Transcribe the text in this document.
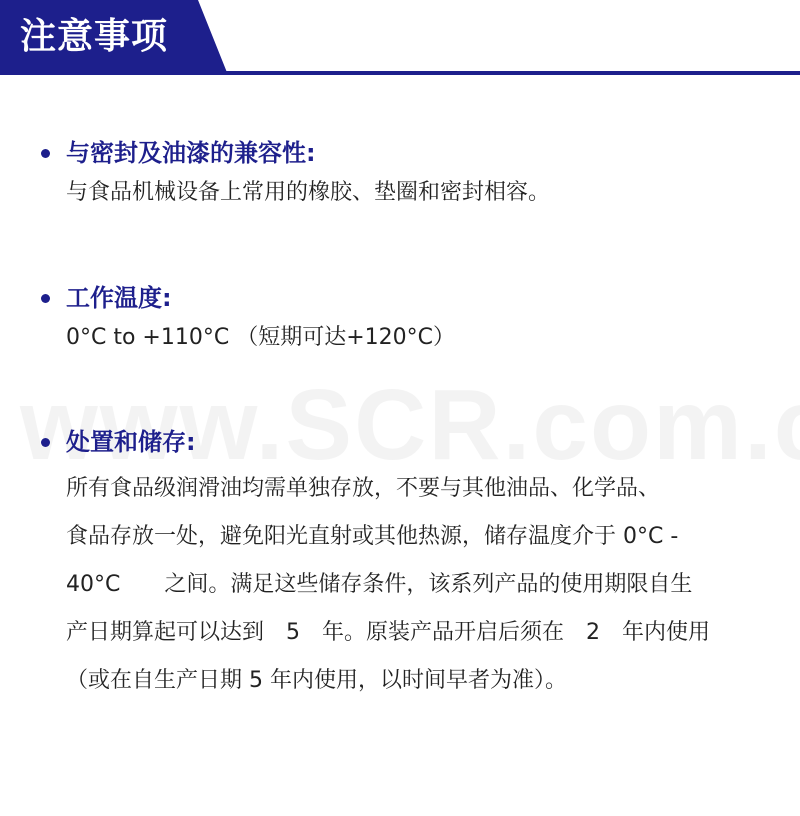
注意事项
与密封及油漆的兼容性:
与食品机械设备上常用的橡胶、垫圈和密封相容。
工作温度:
0°C to +110°C （短期可达+120°C）
处置和储存:
所有食品级润滑油均需单独存放，不要与其他油品、化学品、
食品存放一处，避免阳光直射或其他热源，储存温度介于 0°C -
40°C　　之间。满足这些储存条件，该系列产品的使用期限自生
产日期算起可以达到　5　年。原装产品开启后须在　2　年内使用
（或在自生产日期 5 年内使用，以时间早者为准）。
